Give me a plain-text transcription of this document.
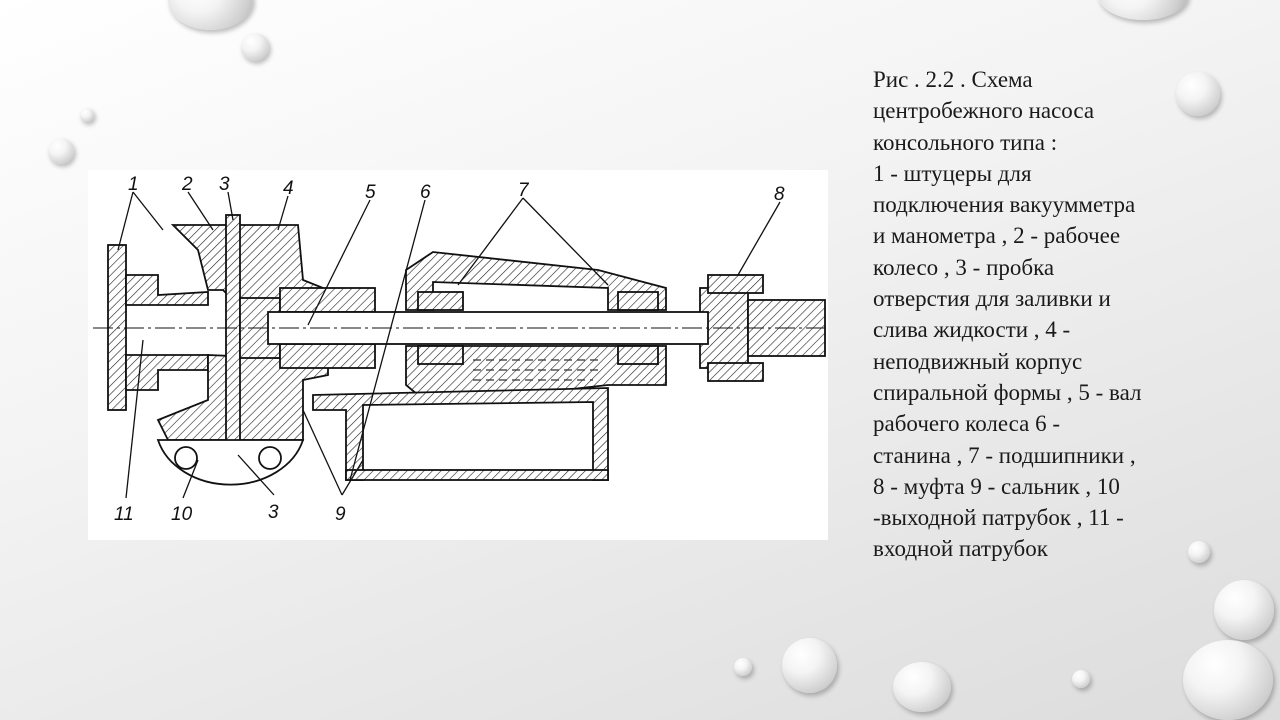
1 2 3	4	5 6	7	8
11 10	3	9
Рис . 2.2 . Схема
центробежного насоса
консольного типа :
1 - штуцеры для
подключения вакуумметра
и манометра , 2 - рабочее
колесо , 3 - пробка
отверстия для заливки и
слива жидкости , 4 -
неподвижный корпус
спиральной формы , 5 - вал
рабочего колеса 6 -
станина , 7 - подшипники ,
8 - муфта 9 - сальник , 10
-выходной патрубок , 11 -
входной патрубок
